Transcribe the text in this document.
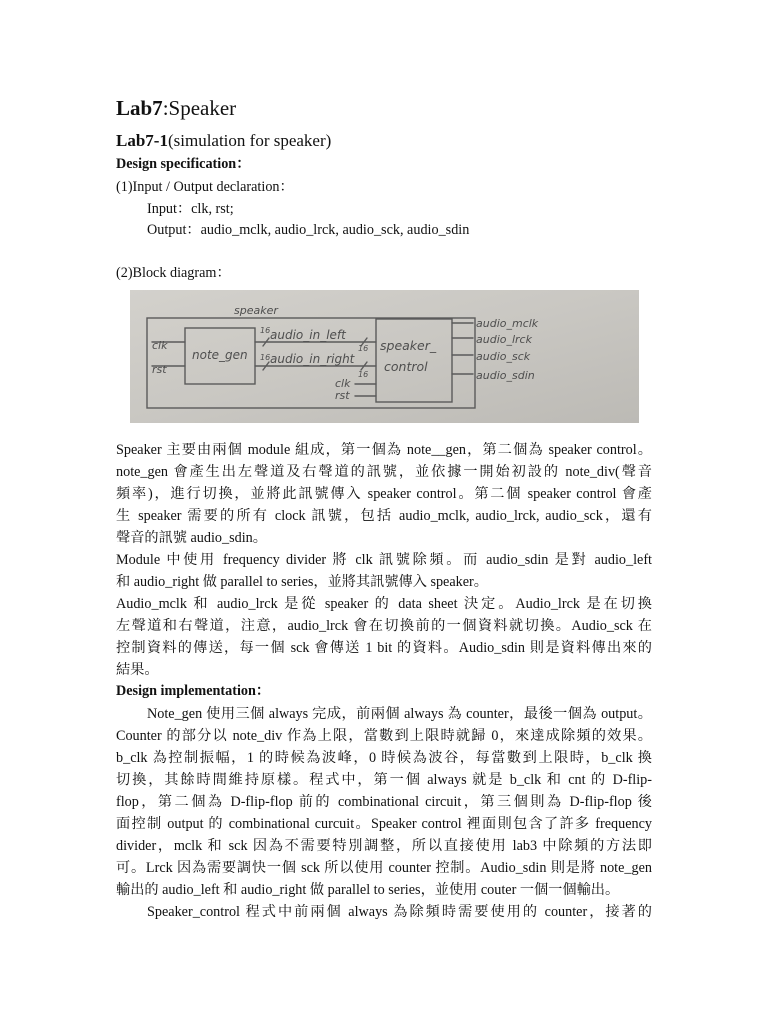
Lab7:Speaker
Lab7-1(simulation for speaker)
Design specification：
(1)Input / Output declaration：
Input：clk, rst;
Output：audio_mclk, audio_lrck, audio_sck, audio_sdin
(2)Block diagram：
speaker
clk
rst
note_gen
16
16
16
16
audio_in_left
audio_in_right
clk
rst
speaker_
control
audio_mclk
audio_lrck
audio_sck
audio_sdin
Speaker 主要由兩個 module 組成，第一個為 note__gen，第二個為 speaker control。
note_gen 會產生出左聲道及右聲道的訊號，並依據一開始初設的 note_div(聲音
頻率)，進行切換，並將此訊號傳入 speaker control。第二個 speaker control 會產
生 speaker 需要的所有 clock 訊號，包括 audio_mclk, audio_lrck, audio_sck，還有
聲音的訊號 audio_sdin。
Module 中使用 frequency divider 將 clk 訊號除頻。而 audio_sdin 是對 audio_left
和 audio_right 做 parallel to series，並將其訊號傳入 speaker。
Audio_mclk 和 audio_lrck 是從 speaker 的 data sheet 決定。Audio_lrck 是在切換
左聲道和右聲道，注意，audio_lrck 會在切換前的一個資料就切換。Audio_sck 在
控制資料的傳送，每一個 sck 會傳送 1 bit 的資料。Audio_sdin 則是資料傳出來的
結果。
Design implementation：
Note_gen 使用三個 always 完成，前兩個 always 為 counter，最後一個為 output。
Counter 的部分以 note_div 作為上限，當數到上限時就歸 0，來達成除頻的效果。
b_clk 為控制振幅，1 的時候為波峰，0 時候為波谷，每當數到上限時，b_clk 換
切換，其餘時間維持原樣。程式中，第一個 always 就是 b_clk 和 cnt 的 D-flip-
flop，第二個為 D-flip-flop 前的 combinational circuit，第三個則為 D-flip-flop 後
面控制 output 的 combinational curcuit。Speaker control 裡面則包含了許多 frequency
divider，mclk 和 sck 因為不需要特別調整，所以直接使用 lab3 中除頻的方法即
可。Lrck 因為需要調快一個 sck 所以使用 counter 控制。Audio_sdin 則是將 note_gen
輸出的 audio_left 和 audio_right 做 parallel to series，並使用 couter 一個一個輸出。
Speaker_control 程式中前兩個 always 為除頻時需要使用的 counter，接著的
